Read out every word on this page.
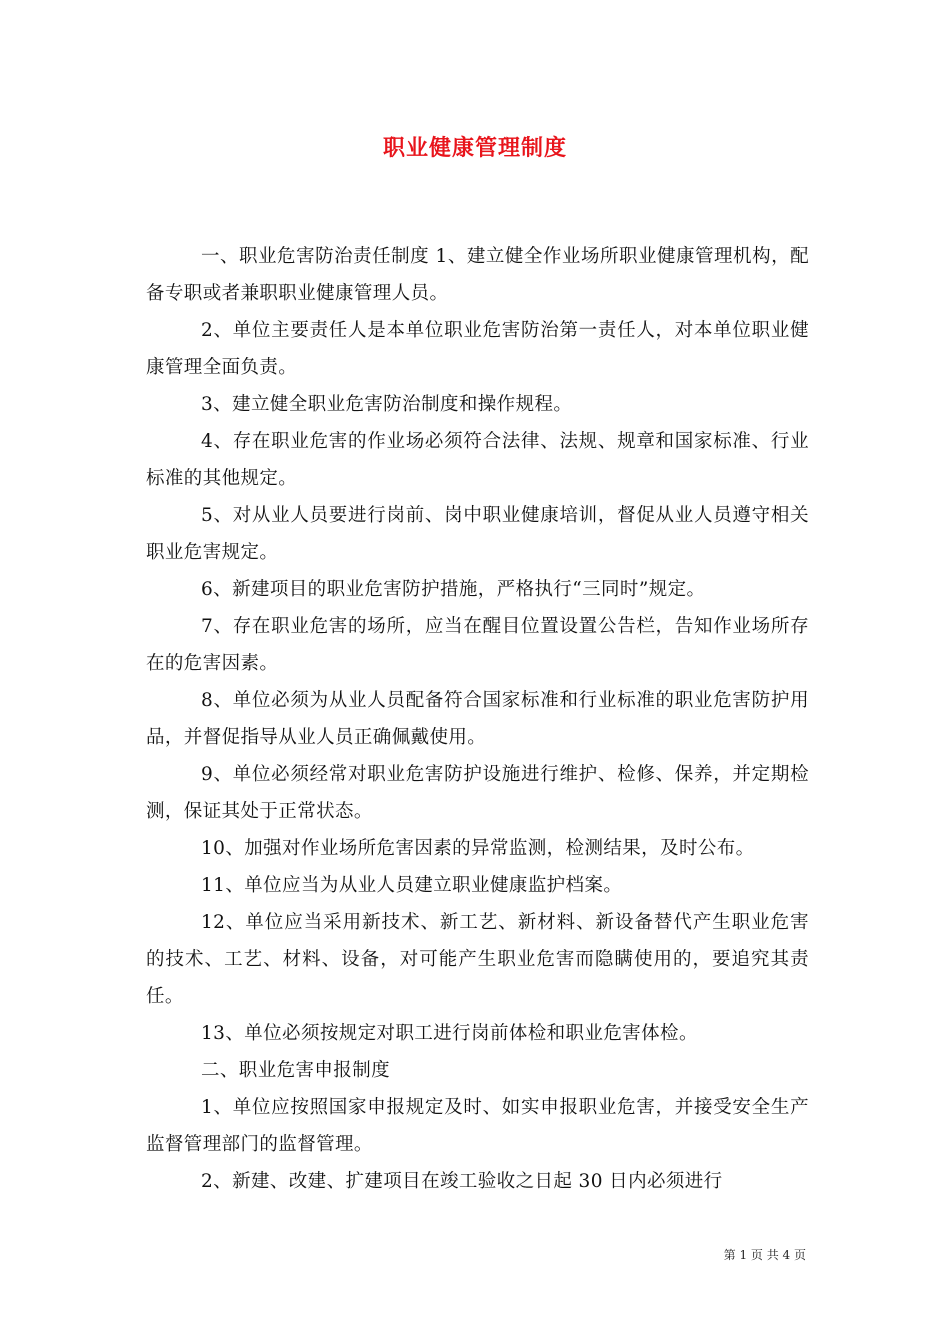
职业健康管理制度

一、职业危害防治责任制度 1、建立健全作业场所职业健康管理机构，配备专职或者兼职职业健康管理人员。

2、单位主要责任人是本单位职业危害防治第一责任人，对本单位职业健康管理全面负责。

3、建立健全职业危害防治制度和操作规程。

4、存在职业危害的作业场必须符合法律、法规、规章和国家标准、行业标准的其他规定。

5、对从业人员要进行岗前、岗中职业健康培训，督促从业人员遵守相关职业危害规定。

6、新建项目的职业危害防护措施，严格执行“三同时”规定。

7、存在职业危害的场所，应当在醒目位置设置公告栏，告知作业场所存在的危害因素。

8、单位必须为从业人员配备符合国家标准和行业标准的职业危害防护用品，并督促指导从业人员正确佩戴使用。

9、单位必须经常对职业危害防护设施进行维护、检修、保养，并定期检测，保证其处于正常状态。

10、加强对作业场所危害因素的异常监测，检测结果，及时公布。

11、单位应当为从业人员建立职业健康监护档案。

12、单位应当采用新技术、新工艺、新材料、新设备替代产生职业危害的技术、工艺、材料、设备，对可能产生职业危害而隐瞒使用的，要追究其责任。

13、单位必须按规定对职工进行岗前体检和职业危害体检。

二、职业危害申报制度

1、单位应按照国家申报规定及时、如实申报职业危害，并接受安全生产监督管理部门的监督管理。

2、新建、改建、扩建项目在竣工验收之日起 30 日内必须进行

第 1 页 共 4 页
